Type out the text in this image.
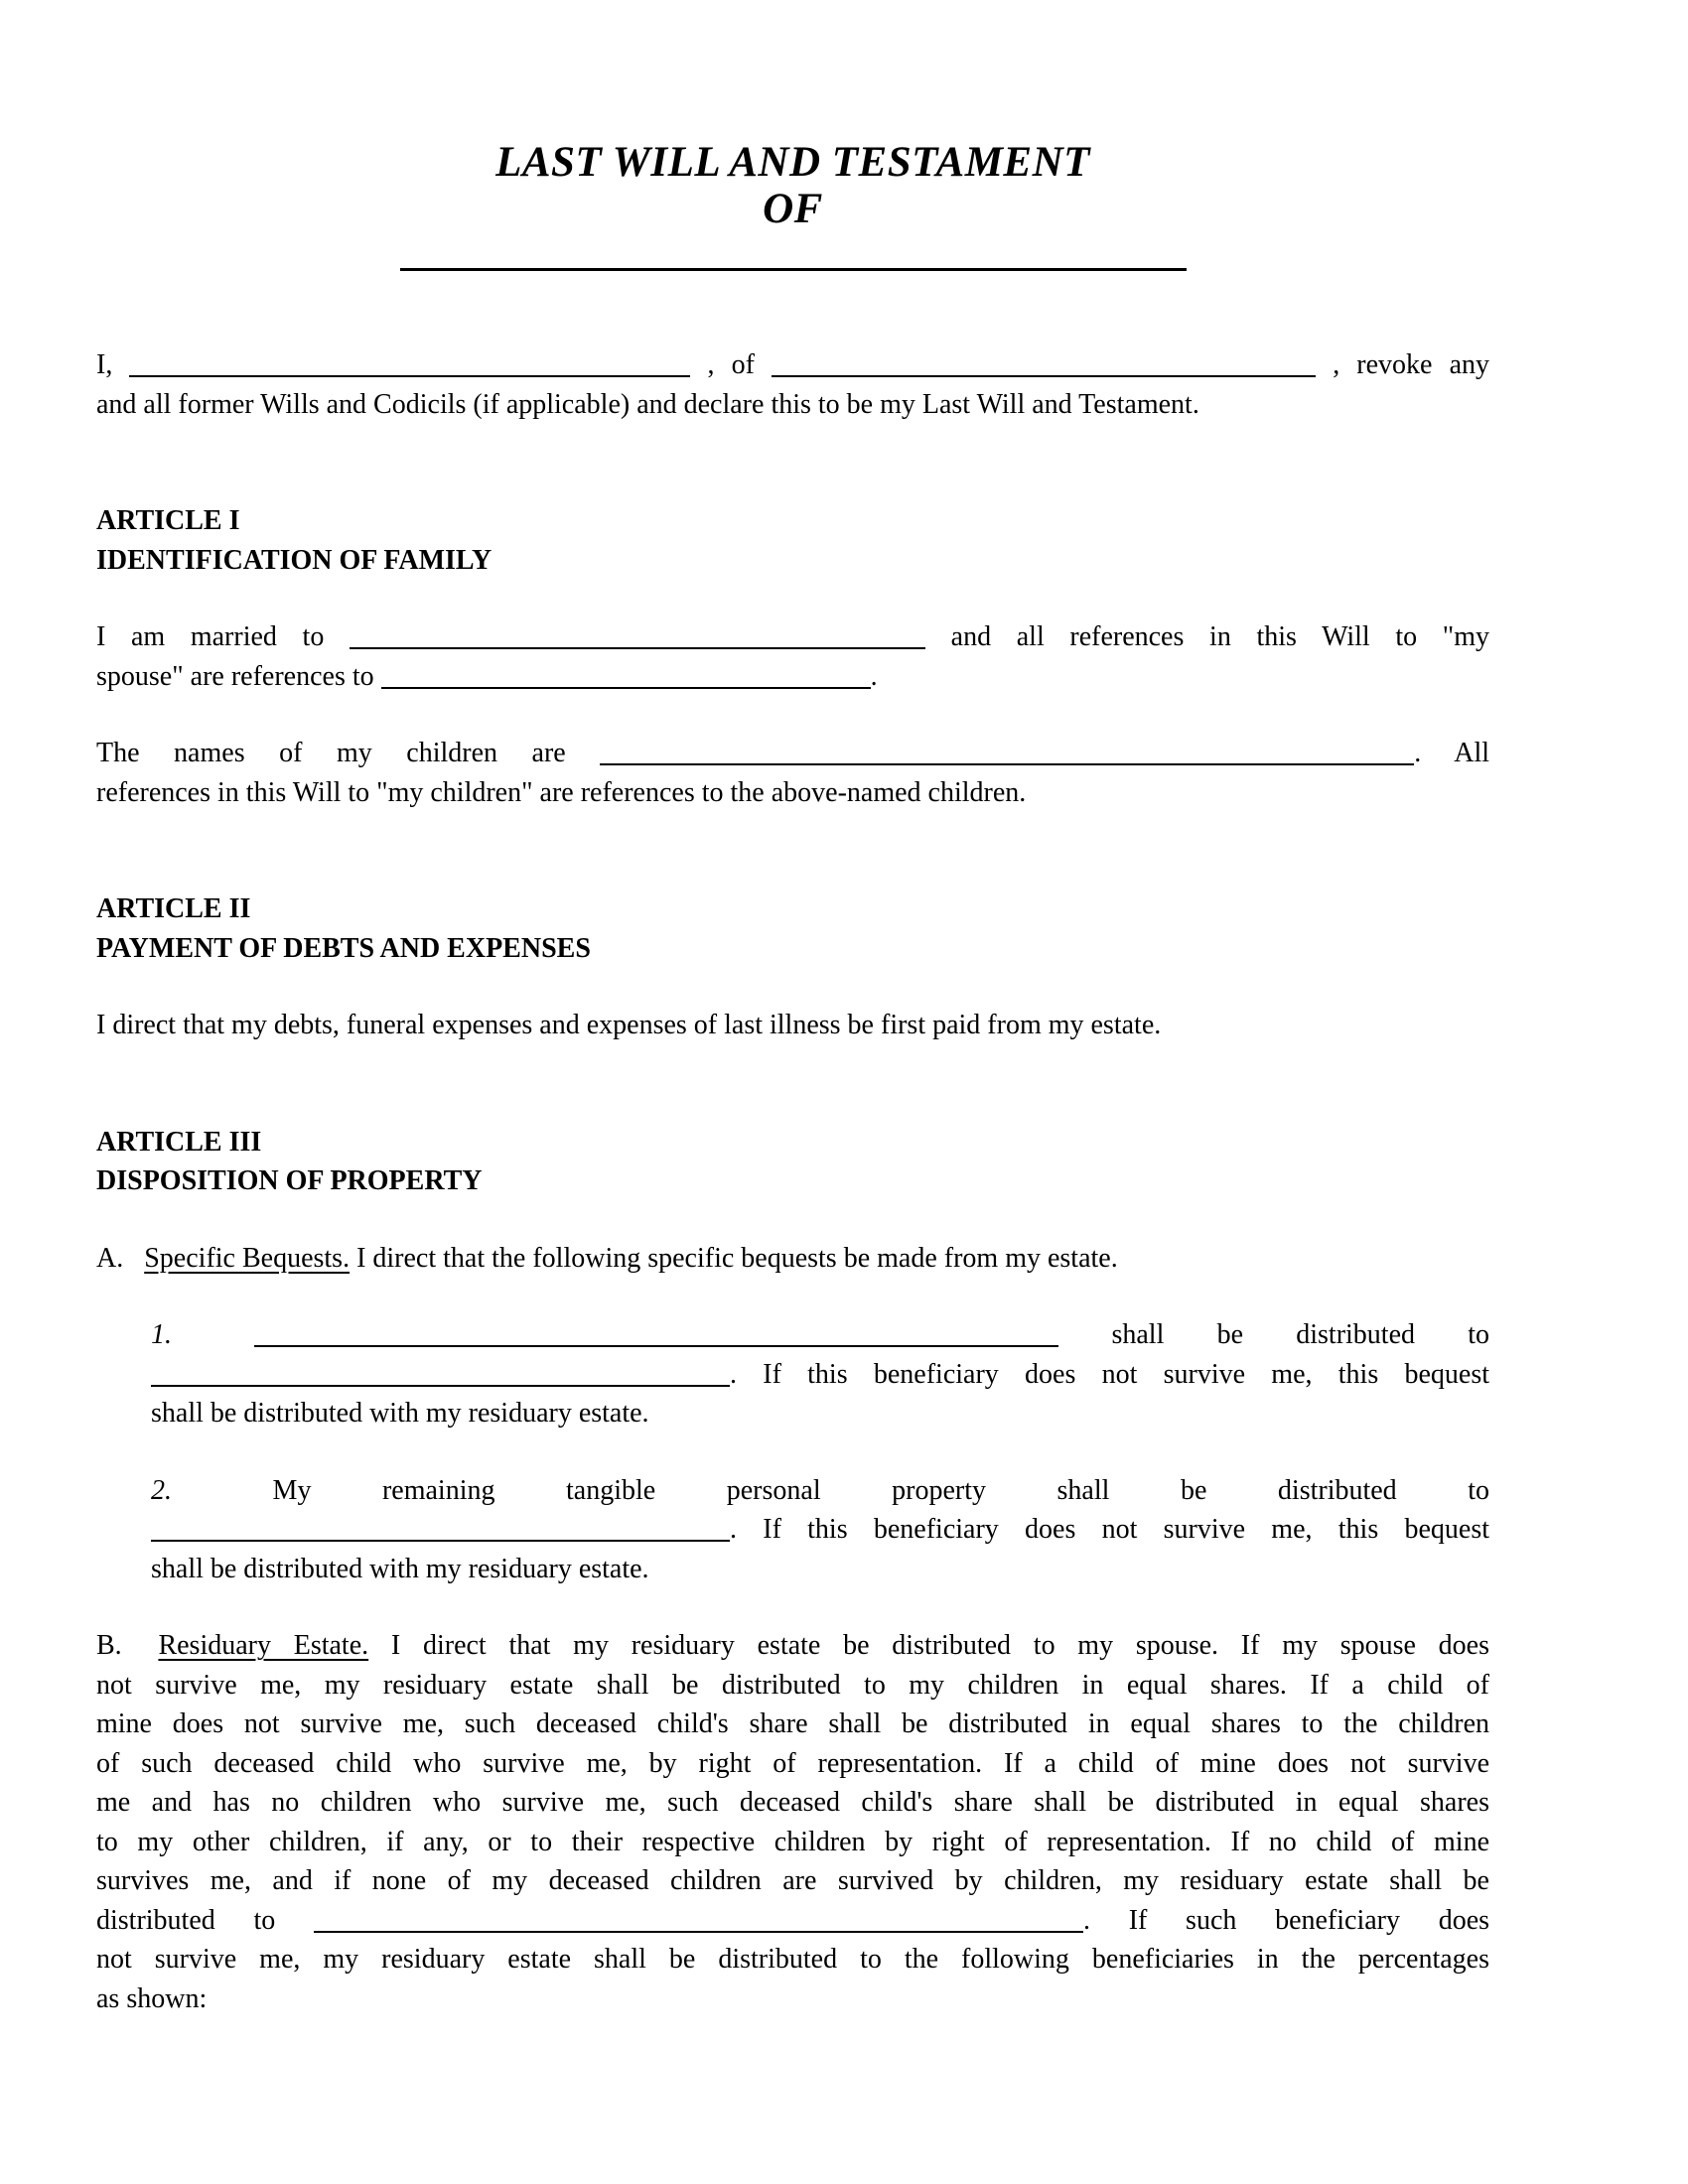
LAST WILL AND TESTAMENT
OF
I,	, of	, revoke any
and all former Wills and Codicils (if applicable) and declare this to be my Last Will and Testament.
ARTICLE I
IDENTIFICATION OF FAMILY
I am married to	and all references in this Will to "my
spouse" are references to	.
The names of my children are	. All
references in this Will to "my children" are references to the above-named children.
ARTICLE II
PAYMENT OF DEBTS AND EXPENSES
I direct that my debts, funeral expenses and expenses of last illness be first paid from my estate.
ARTICLE III
DISPOSITION OF PROPERTY
A. Specific Bequests. I direct that the following specific bequests be made from my estate.
1.	shall be distributed to
. If this beneficiary does not survive me, this bequest
shall be distributed with my residuary estate.
2.	My remaining tangible personal property shall be distributed to
. If this beneficiary does not survive me, this bequest
shall be distributed with my residuary estate.
B. Residuary Estate. I direct that my residuary estate be distributed to my spouse. If my spouse does
not survive me, my residuary estate shall be distributed to my children in equal shares. If a child of
mine does not survive me, such deceased child's share shall be distributed in equal shares to the children
of such deceased child who survive me, by right of representation. If a child of mine does not survive
me and has no children who survive me, such deceased child's share shall be distributed in equal shares
to my other children, if any, or to their respective children by right of representation. If no child of mine
survives me, and if none of my deceased children are survived by children, my residuary estate shall be
distributed to	. If such beneficiary does
not survive me, my residuary estate shall be distributed to the following beneficiaries in the percentages
as shown:
